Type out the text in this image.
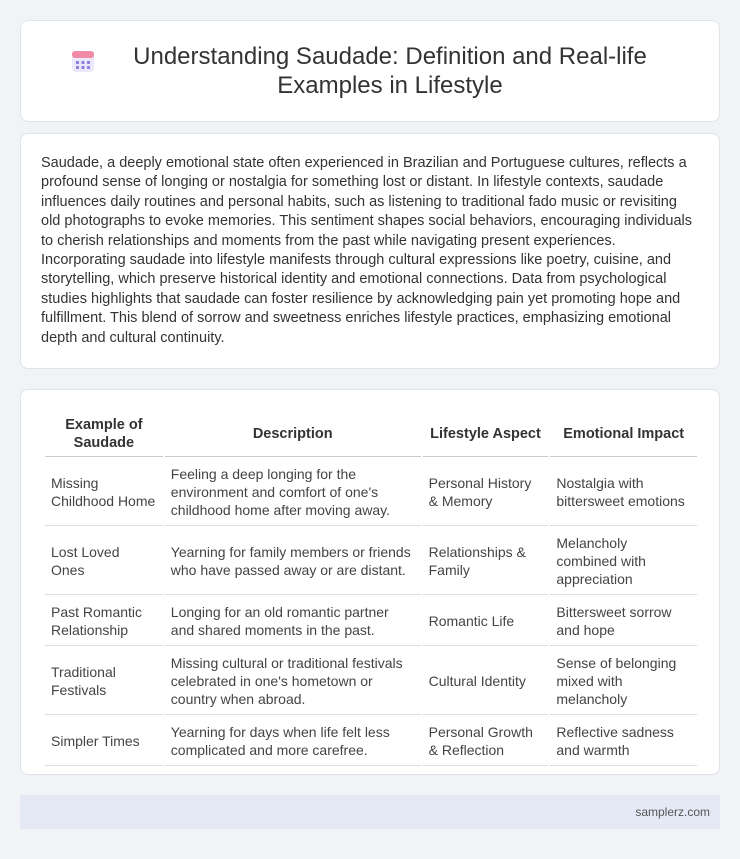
Understanding Saudade: Definition and Real-life Examples in Lifestyle

Saudade, a deeply emotional state often experienced in Brazilian and Portuguese cultures, reflects a profound sense of longing or nostalgia for something lost or distant. In lifestyle contexts, saudade influences daily routines and personal habits, such as listening to traditional fado music or revisiting old photographs to evoke memories. This sentiment shapes social behaviors, encouraging individuals to cherish relationships and moments from the past while navigating present experiences. Incorporating saudade into lifestyle manifests through cultural expressions like poetry, cuisine, and storytelling, which preserve historical identity and emotional connections. Data from psychological studies highlights that saudade can foster resilience by acknowledging pain yet promoting hope and fulfillment. This blend of sorrow and sweetness enriches lifestyle practices, emphasizing emotional depth and cultural continuity.

Example of Saudade	Description	Lifestyle Aspect	Emotional Impact
Missing Childhood Home	Feeling a deep longing for the environment and comfort of one's childhood home after moving away.	Personal History & Memory	Nostalgia with bittersweet emotions
Lost Loved Ones	Yearning for family members or friends who have passed away or are distant.	Relationships & Family	Melancholy combined with appreciation
Past Romantic Relationship	Longing for an old romantic partner and shared moments in the past.	Romantic Life	Bittersweet sorrow and hope
Traditional Festivals	Missing cultural or traditional festivals celebrated in one's hometown or country when abroad.	Cultural Identity	Sense of belonging mixed with melancholy
Simpler Times	Yearning for days when life felt less complicated and more carefree.	Personal Growth & Reflection	Reflective sadness and warmth
samplerz.com
